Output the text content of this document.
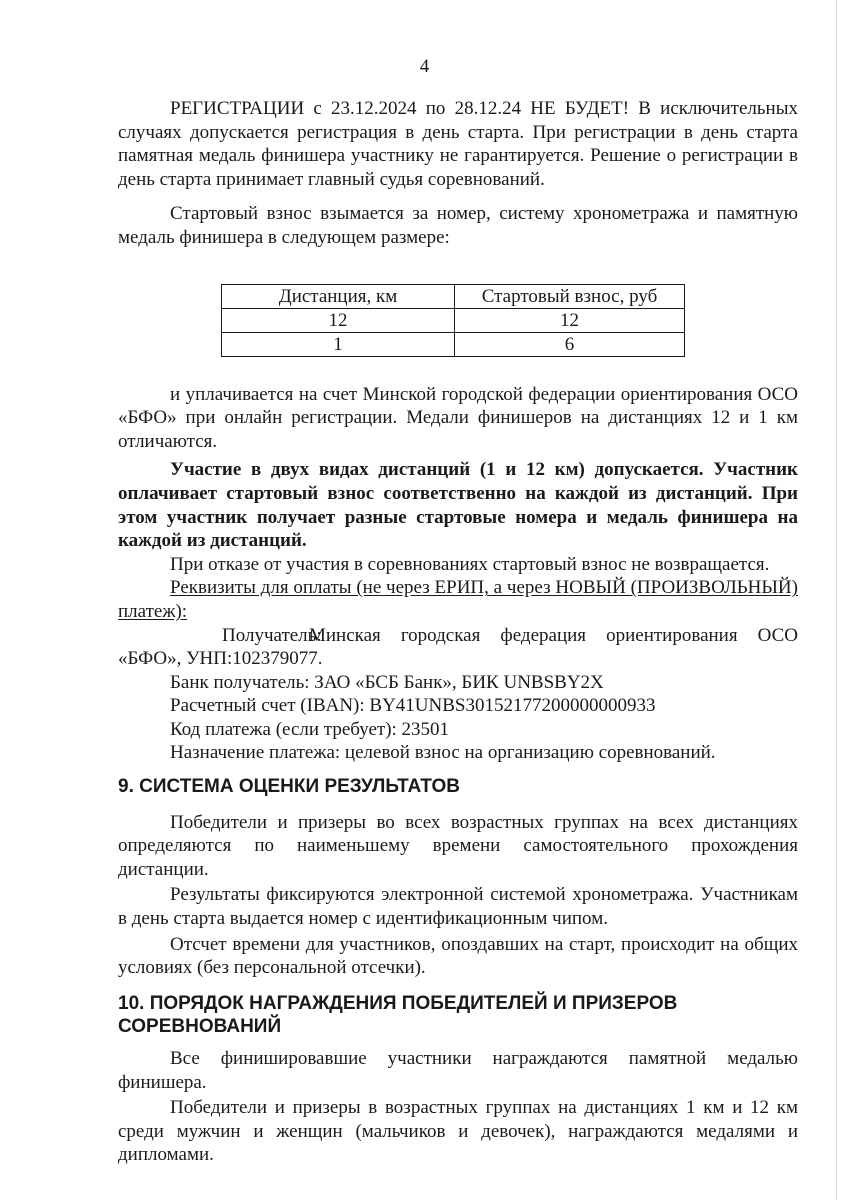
4

РЕГИСТРАЦИИ с 23.12.2024 по 28.12.24 НЕ БУДЕТ! В исключительных случаях допускается регистрация в день старта. При регистрации в день старта памятная медаль финишера участнику не гарантируется. Решение о регистрации в день старта принимает главный судья соревнований.

Стартовый взнос взымается за номер, систему хронометража и памятную медаль финишера в следующем размере:

Дистанция, км	Стартовый взнос, руб
12	12
1	6

и уплачивается на счет Минской городской федерации ориентирования ОСО «БФО» при онлайн регистрации. Медали финишеров на дистанциях 12 и 1 км отличаются.

Участие в двух видах дистанций (1 и 12 км) допускается. Участник оплачивает стартовый взнос соответственно на каждой из дистанций. При этом участник получает разные стартовые номера и медаль финишера на каждой из дистанций.

При отказе от участия в соревнованиях стартовый взнос не возвращается.

Реквизиты для оплаты (не через ЕРИП, а через НОВЫЙ (ПРОИЗВОЛЬНЫЙ) платеж):

Получатель:Минская городская федерация ориентирования ОСО «БФО», УНП:102379077.

Банк получатель: ЗАО «БСБ Банк», БИК UNBSBY2X

Расчетный счет (IBAN): BY41UNBS30152177200000000933

Код платежа (если требует): 23501

Назначение платежа: целевой взнос на организацию соревнований.

9. СИСТЕМА ОЦЕНКИ РЕЗУЛЬТАТОВ

Победители и призеры во всех возрастных группах на всех дистанциях определяются по наименьшему времени самостоятельного прохождения дистанции.

Результаты фиксируются электронной системой хронометража. Участникам в день старта выдается номер с идентификационным чипом.

Отсчет времени для участников, опоздавших на старт, происходит на общих условиях (без персональной отсечки).

10. ПОРЯДОК НАГРАЖДЕНИЯ ПОБЕДИТЕЛЕЙ И ПРИЗЕРОВ СОРЕВНОВАНИЙ

Все финишировавшие участники награждаются памятной медалью финишера.

Победители и призеры в возрастных группах на дистанциях 1 км и 12 км среди мужчин и женщин (мальчиков и девочек), награждаются медалями и дипломами.
